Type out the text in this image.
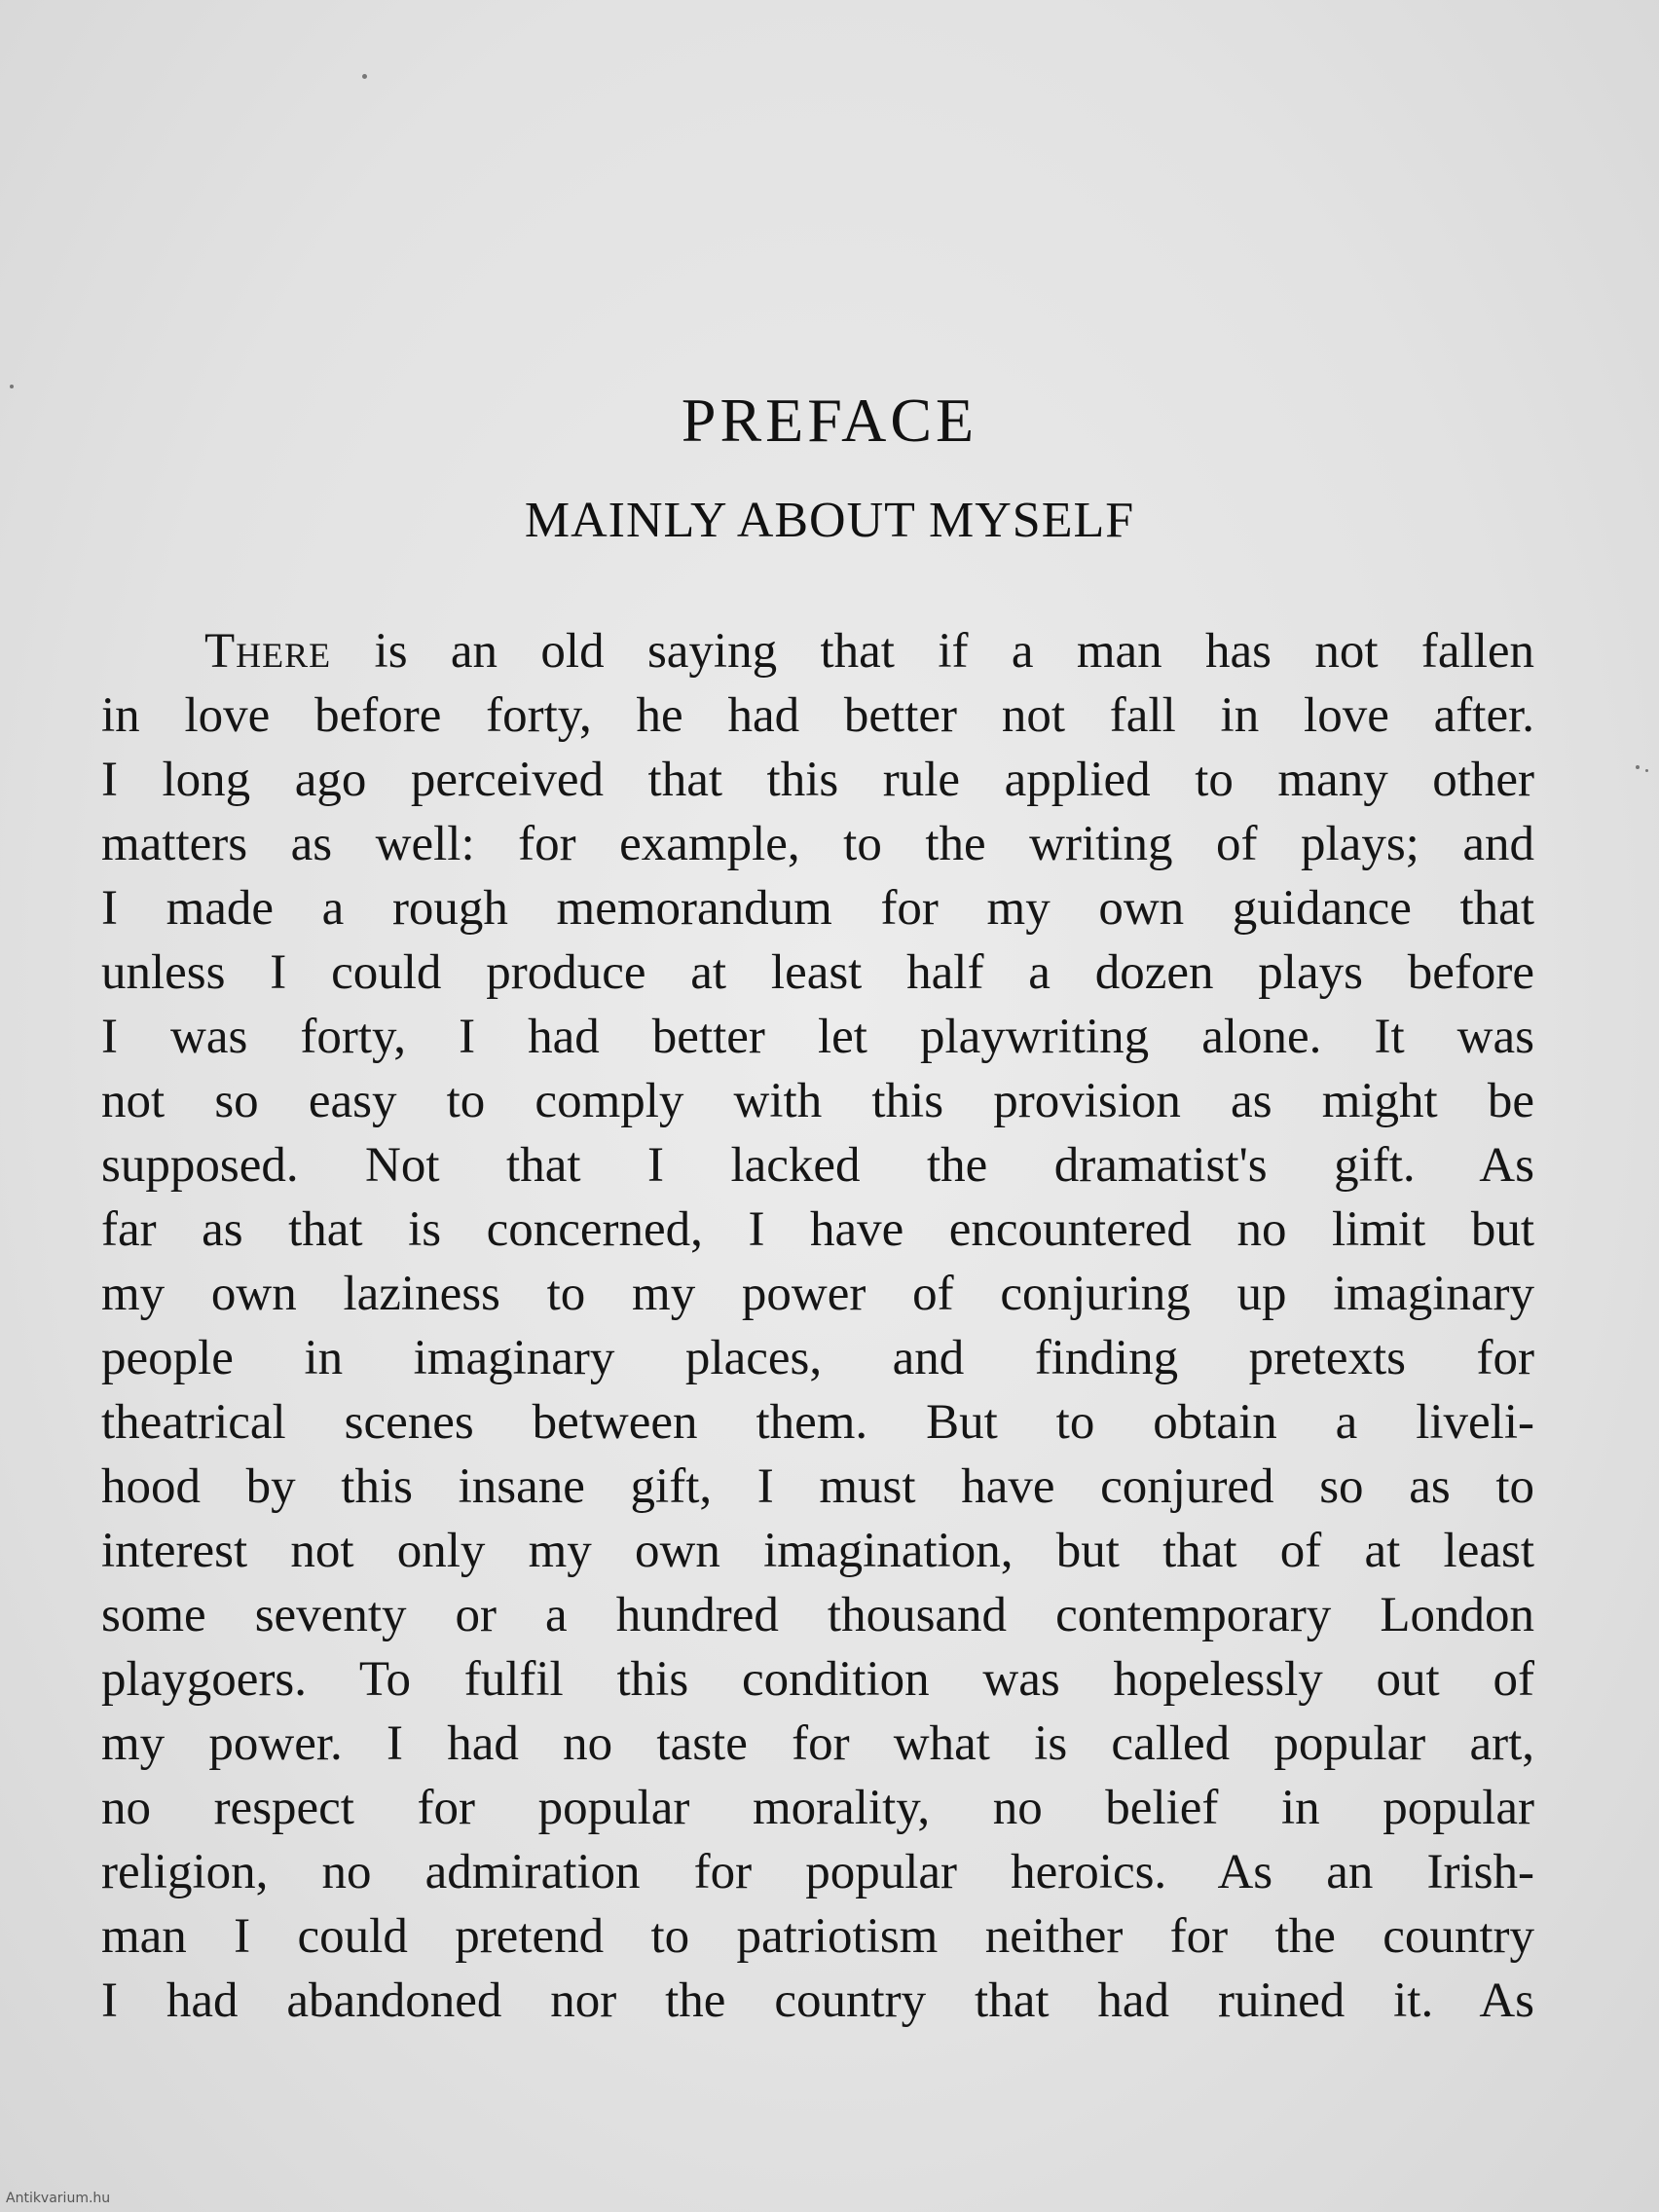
PREFACE
MAINLY ABOUT MYSELF
There is an old saying that if a man has not fallen
in love before forty, he had better not fall in love after.
I long ago perceived that this rule applied to many other
matters as well: for example, to the writing of plays; and
I made a rough memorandum for my own guidance that
unless I could produce at least half a dozen plays before
I was forty, I had better let playwriting alone. It was
not so easy to comply with this provision as might be
supposed. Not that I lacked the dramatist's gift. As
far as that is concerned, I have encountered no limit but
my own laziness to my power of conjuring up imaginary
people in imaginary places, and finding pretexts for
theatrical scenes between them. But to obtain a liveli-
hood by this insane gift, I must have conjured so as to
interest not only my own imagination, but that of at least
some seventy or a hundred thousand contemporary London
playgoers. To fulfil this condition was hopelessly out of
my power. I had no taste for what is called popular art,
no respect for popular morality, no belief in popular
religion, no admiration for popular heroics. As an Irish-
man I could pretend to patriotism neither for the country
I had abandoned nor the country that had ruined it. As
Antikvarium.hu
